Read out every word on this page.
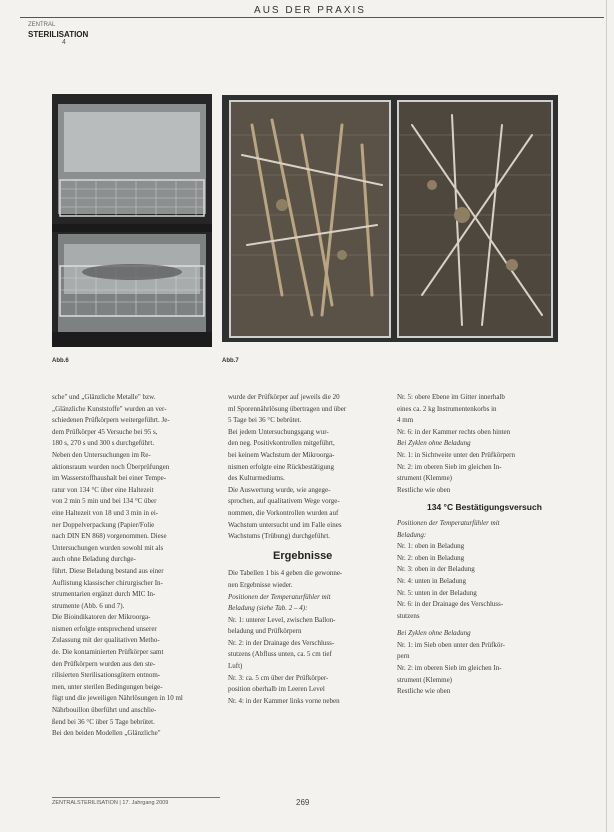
AUS DER PRAXIS
ZENTRAL
STERILISATION
4
Abb.6	Abb.7

sche" und „Glänzliche Metalle" bzw.

„Glänzliche Kunststoffe" wurden an ver-

schiedenen Prüfkörpern weitergeführt. Je-

dem Prüfkörper 45 Versuche bei 95 s,

180 s, 270 s und 300 s durchgeführt.

Neben den Untersuchungen im Re-

aktionsraum wurden noch Überprüfungen

im Wasserstoffhaushalt bei einer Tempe-

ratur von 134 °C über eine Haltezeit

von 2 min 5 min und bei 134 °C über

eine Haltezeit von 18 und 3 min in ei-

ner Doppelverpackung (Papier/Folie

nach DIN EN 868) vorgenommen. Diese

Untersuchungen wurden sowohl mit als

auch ohne Beladung durchge-

führt. Diese Beladung bestand aus einer

Auflistung klassischer chirurgischer In-

strumentarien ergänzt durch MIC In-

strumente (Abb. 6 und 7).

Die Bioindikatoren der Mikroorga-

nismen erfolgte entsprechend unserer

Zulassung mit der qualitativen Metho-

de. Die kontaminierten Prüfkörper samt

den Prüfkörpern wurden aus den ste-

rilisierten Sterilisationsgütern entnom-

men, unter sterilen Bedingungen beige-

fügt und die jeweiligen Nährlösungen in 10 ml

Nährbouillon überführt und anschlie-

ßend bei 36 °C über 5 Tage bebrütet.

Bei den beiden Modellen „Glänzliche"

wurde der Prüfkörper auf jeweils die 20

ml Sporennährlösung übertragen und über

5 Tage bei 36 °C bebrütet.

Bei jedem Untersuchungsgang wur-

den neg. Positivkontrollen mitgeführt,

bei keinem Wachstum der Mikroorga-

nismen erfolgte eine Rückbestätigung

des Kulturmediums.

Die Auswertung wurde, wie angege-

sprochen, auf qualitativem Wege vorge-

nommen, die Vorkontrollen wurden auf

Wachstum untersucht und im Falle eines

Wachstums (Trübung) durchgeführt.

Ergebnisse

Die Tabellen 1 bis 4 geben die gewonne-

nen Ergebnisse wieder.

Positionen der Temperaturfühler mit

Beladung (siehe Tab. 2 – 4):

Nr. 1: unterer Level, zwischen Ballon-

beladung und Prüfkörpern

Nr. 2: in der Drainage des Verschluss-

stutzens (Abfluss unten, ca. 5 cm tief

Luft)

Nr. 3: ca. 5 cm über der Prüfkörper-

position oberhalb im Leeren Level

Nr. 4: in der Kammer links vorne neben

Nr. 5: obere Ebene im Gitter innerhalb

eines ca. 2 kg Instrumentenkorbs in

4 mm

Nr. 6: in der Kammer rechts oben hinten

Bei Zyklen ohne Beladung

Nr. 1: in Sichtweite unter den Prüfkörpern

Nr. 2: im oberen Sieb im gleichen In-

strument (Klemme)

Restliche wie oben

134 °C Bestätigungsversuch

Positionen der Temperaturfühler mit

Beladung:

Nr. 1: oben in Beladung

Nr. 2: oben in Beladung

Nr. 3: oben in der Beladung

Nr. 4: unten in Beladung

Nr. 5: unten in der Beladung

Nr. 6: in der Drainage des Verschluss-

stutzens

Bei Zyklen ohne Beladung

Nr. 1: im Sieb oben unter den Prüfkör-

pern

Nr. 2: im oberen Sieb im gleichen In-

strument (Klemme)

Restliche wie oben

ZENTRALSTERILISATION | 17. Jahrgang 2009	269
